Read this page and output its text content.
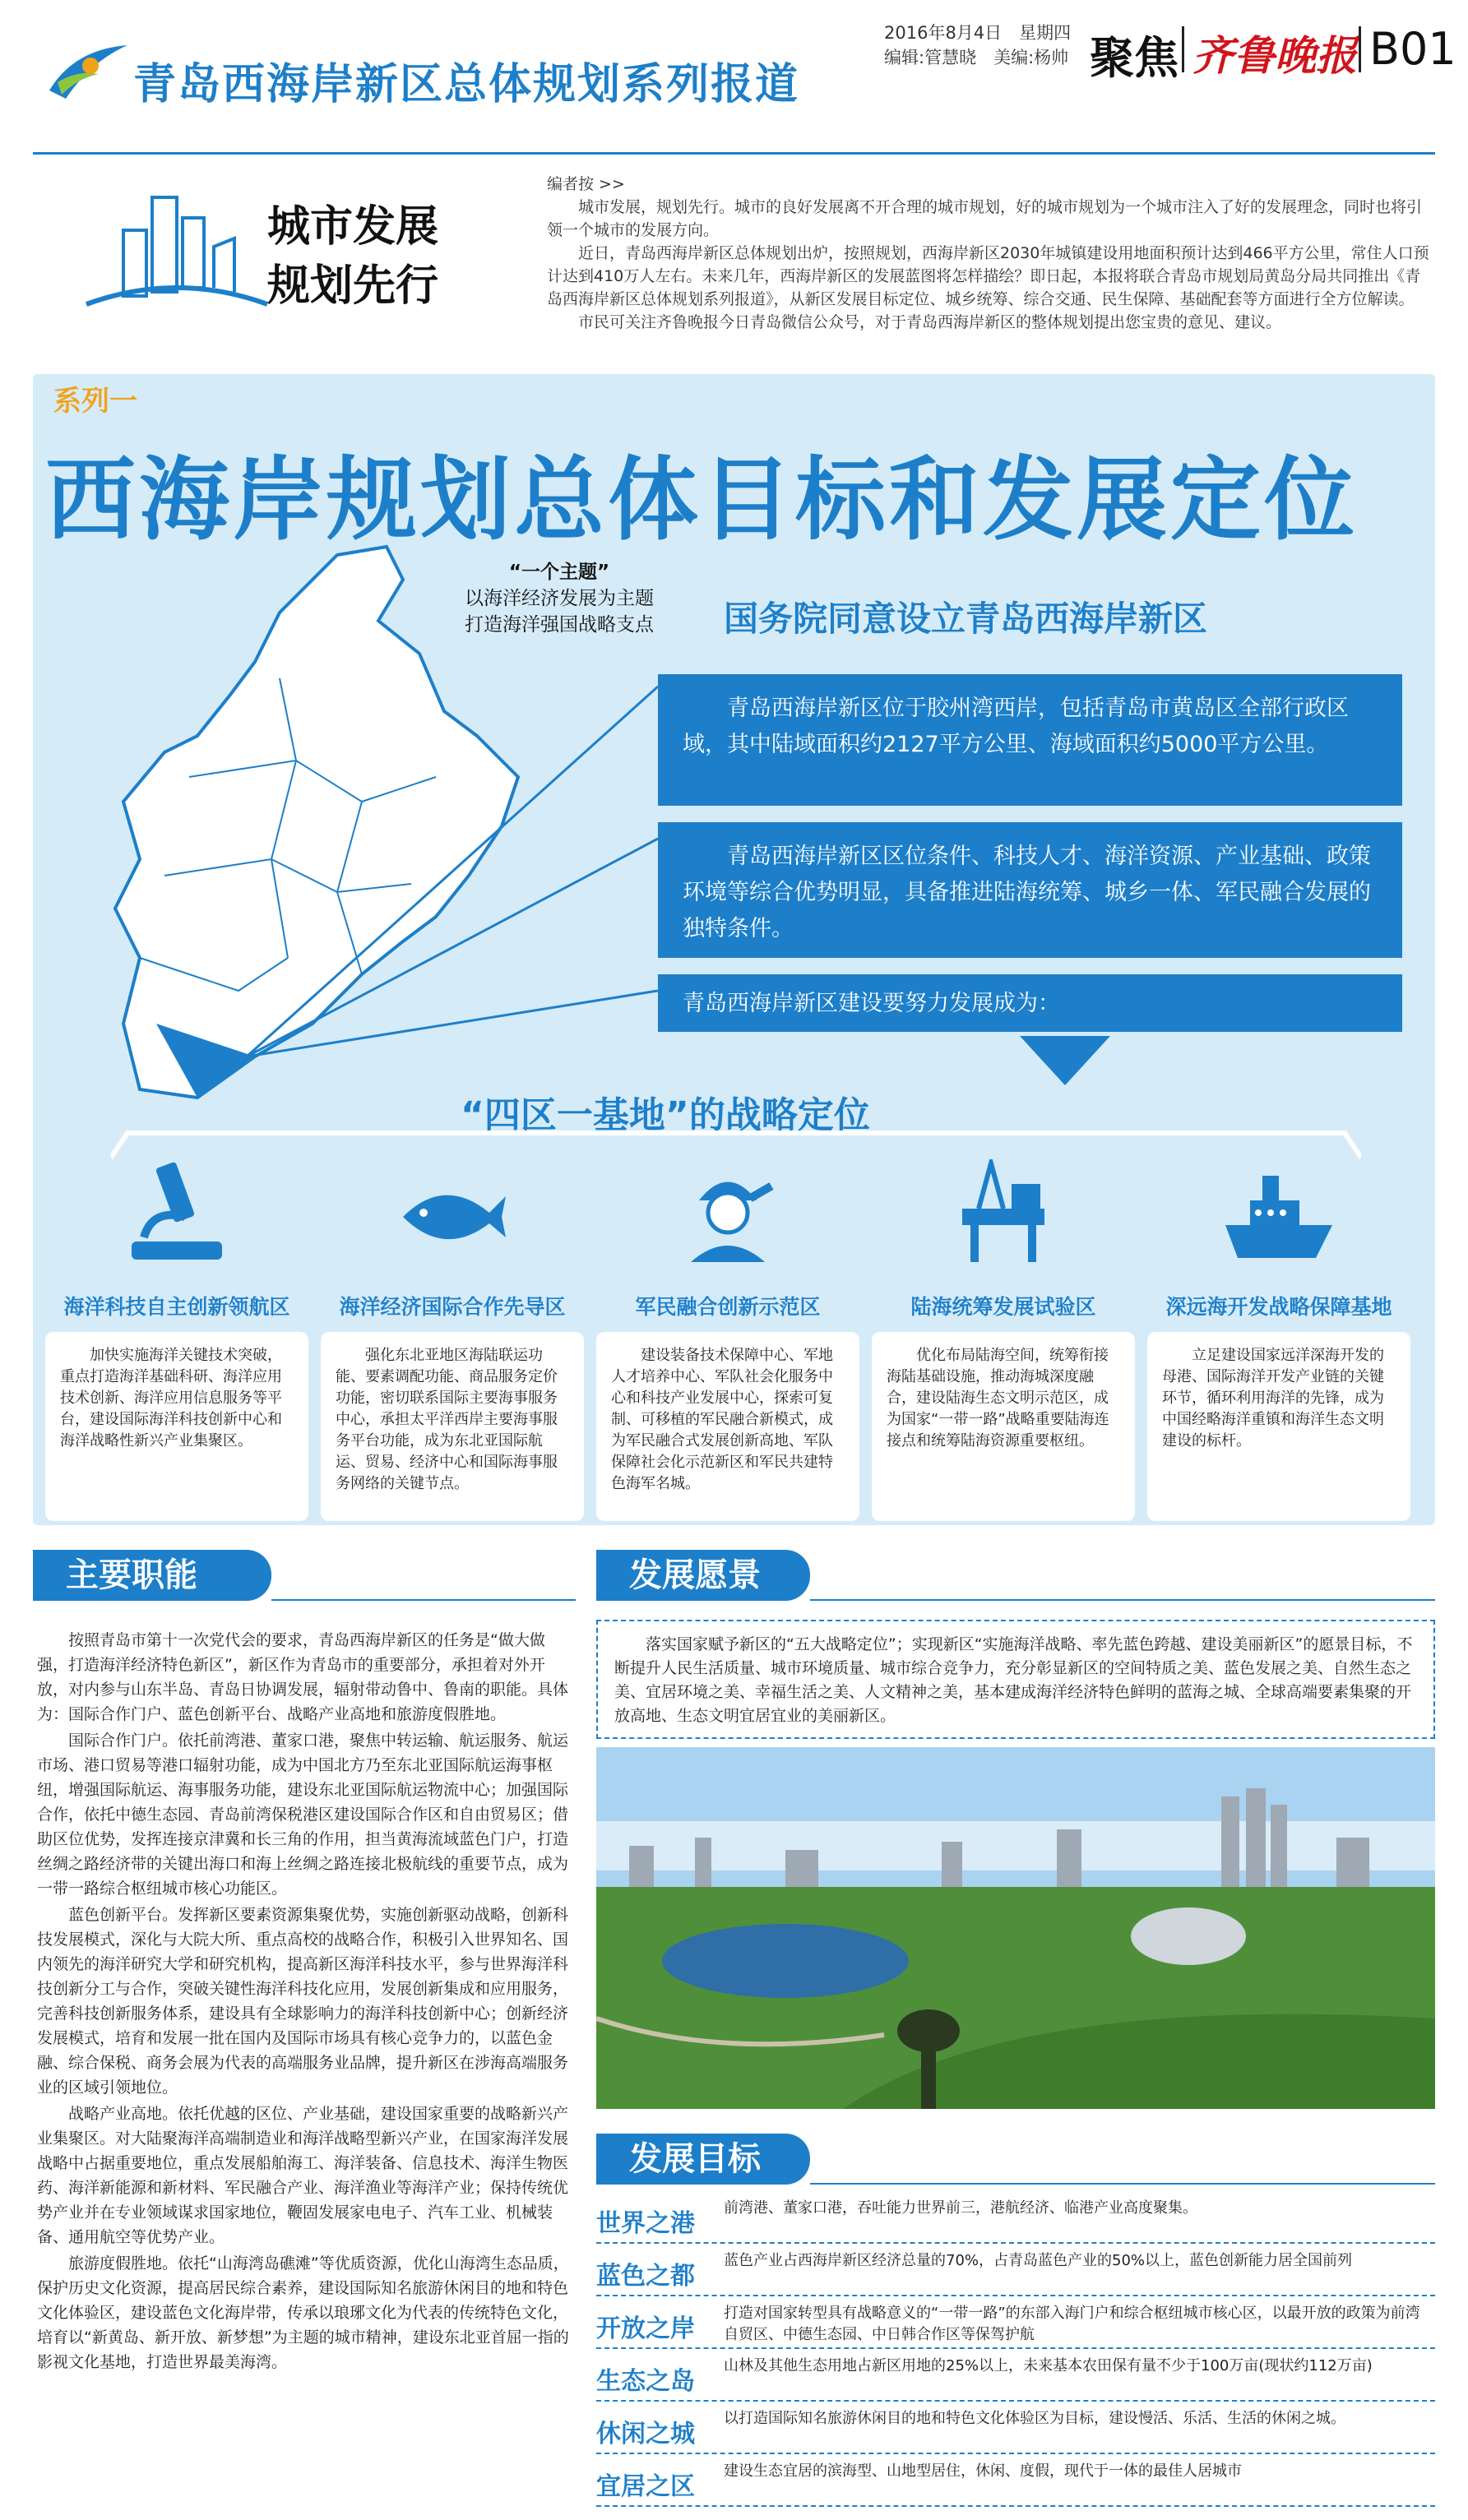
青岛西海岸新区总体规划系列报道
2016年8月4日　星期四
编辑:管慧晓　美编:杨帅 聚焦 齐鲁晚报 B01
城市发展
规划先行

编者按 >>

城市发展，规划先行。城市的良好发展离不开合理的城市规划，好的城市规划为一个城市注入了好的发展理念，同时也将引领一个城市的发展方向。

近日，青岛西海岸新区总体规划出炉，按照规划，西海岸新区2030年城镇建设用地面积预计达到466平方公里，常住人口预计达到410万人左右。未来几年，西海岸新区的发展蓝图将怎样描绘？即日起，本报将联合青岛市规划局黄岛分局共同推出《青岛西海岸新区总体规划系列报道》，从新区发展目标定位、城乡统筹、综合交通、民生保障、基础配套等方面进行全方位解读。

市民可关注齐鲁晚报今日青岛微信公众号，对于青岛西海岸新区的整体规划提出您宝贵的意见、建议。

系列一
西海岸规划总体目标和发展定位
“一个主题”
以海洋经济发展为主题
打造海洋强国战略支点	国务院同意设立青岛西海岸新区
青岛西海岸新区位于胶州湾西岸，包括青岛市黄岛区全部行政区域，其中陆域面积约2127平方公里、海域面积约5000平方公里。
青岛西海岸新区区位条件、科技人才、海洋资源、产业基础、政策环境等综合优势明显，具备推进陆海统筹、城乡一体、军民融合发展的独特条件。
青岛西海岸新区建设要努力发展成为：
“四区一基地”的战略定位
海洋科技自主创新领航区
加快实施海洋关键技术突破，重点打造海洋基础科研、海洋应用技术创新、海洋应用信息服务等平台，建设国际海洋科技创新中心和海洋战略性新兴产业集聚区。
海洋经济国际合作先导区
强化东北亚地区海陆联运功能、要素调配功能、商品服务定价功能，密切联系国际主要海事服务中心，承担太平洋西岸主要海事服务平台功能，成为东北亚国际航运、贸易、经济中心和国际海事服务网络的关键节点。
军民融合创新示范区
建设装备技术保障中心、军地人才培养中心、军队社会化服务中心和科技产业发展中心，探索可复制、可移植的军民融合新模式，成为军民融合式发展创新高地、军队保障社会化示范新区和军民共建特色海军名城。
陆海统筹发展试验区
优化布局陆海空间，统筹衔接海陆基础设施，推动海城深度融合，建设陆海生态文明示范区，成为国家“一带一路”战略重要陆海连接点和统筹陆海资源重要枢纽。
深远海开发战略保障基地
立足建设国家远洋深海开发的母港、国际海洋开发产业链的关键环节，循环利用海洋的先锋，成为中国经略海洋重镇和海洋生态文明建设的标杆。
主要职能

按照青岛市第十一次党代会的要求，青岛西海岸新区的任务是“做大做强，打造海洋经济特色新区”，新区作为青岛市的重要部分，承担着对外开放，对内参与山东半岛、青岛日协调发展，辐射带动鲁中、鲁南的职能。具体为：国际合作门户、蓝色创新平台、战略产业高地和旅游度假胜地。

国际合作门户。依托前湾港、董家口港，聚焦中转运输、航运服务、航运市场、港口贸易等港口辐射功能，成为中国北方乃至东北亚国际航运海事枢纽，增强国际航运、海事服务功能，建设东北亚国际航运物流中心；加强国际合作，依托中德生态园、青岛前湾保税港区建设国际合作区和自由贸易区；借助区位优势，发挥连接京津冀和长三角的作用，担当黄海流域蓝色门户，打造丝绸之路经济带的关键出海口和海上丝绸之路连接北极航线的重要节点，成为一带一路综合枢纽城市核心功能区。

蓝色创新平台。发挥新区要素资源集聚优势，实施创新驱动战略，创新科技发展模式，深化与大院大所、重点高校的战略合作，积极引入世界知名、国内领先的海洋研究大学和研究机构，提高新区海洋科技水平，参与世界海洋科技创新分工与合作，突破关键性海洋科技化应用，发展创新集成和应用服务，完善科技创新服务体系，建设具有全球影响力的海洋科技创新中心；创新经济发展模式，培育和发展一批在国内及国际市场具有核心竞争力的，以蓝色金融、综合保税、商务会展为代表的高端服务业品牌，提升新区在涉海高端服务业的区域引领地位。

战略产业高地。依托优越的区位、产业基础，建设国家重要的战略新兴产业集聚区。对大陆聚海洋高端制造业和海洋战略型新兴产业，在国家海洋发展战略中占据重要地位，重点发展船舶海工、海洋装备、信息技术、海洋生物医药、海洋新能源和新材料、军民融合产业、海洋渔业等海洋产业；保持传统优势产业并在专业领域谋求国家地位，鞭固发展家电电子、汽车工业、机械装备、通用航空等优势产业。

旅游度假胜地。依托“山海湾岛礁滩”等优质资源，优化山海湾生态品质，保护历史文化资源，提高居民综合素养，建设国际知名旅游休闲目的地和特色文化体验区，建设蓝色文化海岸带，传承以琅琊文化为代表的传统特色文化，培育以“新黄岛、新开放、新梦想”为主题的城市精神，建设东北亚首屈一指的影视文化基地，打造世界最美海湾。

发展愿景
落实国家赋予新区的“五大战略定位”；实现新区“实施海洋战略、率先蓝色跨越、建设美丽新区”的愿景目标，不断提升人民生活质量、城市环境质量、城市综合竞争力，充分彰显新区的空间特质之美、蓝色发展之美、自然生态之美、宜居环境之美、幸福生活之美、人文精神之美，基本建成海洋经济特色鲜明的蓝海之城、全球高端要素集聚的开放高地、生态文明宜居宜业的美丽新区。
发展目标
世界之港
前湾港、董家口港，吞吐能力世界前三，港航经济、临港产业高度聚集。
蓝色之都
蓝色产业占西海岸新区经济总量的70%，占青岛蓝色产业的50%以上，蓝色创新能力居全国前列
开放之岸
打造对国家转型具有战略意义的“一带一路”的东部入海门户和综合枢纽城市核心区，以最开放的政策为前湾自贸区、中德生态园、中日韩合作区等保驾护航
生态之岛
山林及其他生态用地占新区用地的25%以上，未来基本农田保有量不少于100万亩(现状约112万亩)
休闲之城
以打造国际知名旅游休闲目的地和特色文化体验区为目标，建设慢活、乐活、生活的休闲之城。
宜居之区
建设生态宜居的滨海型、山地型居住，休闲、度假，现代于一体的最佳人居城市
